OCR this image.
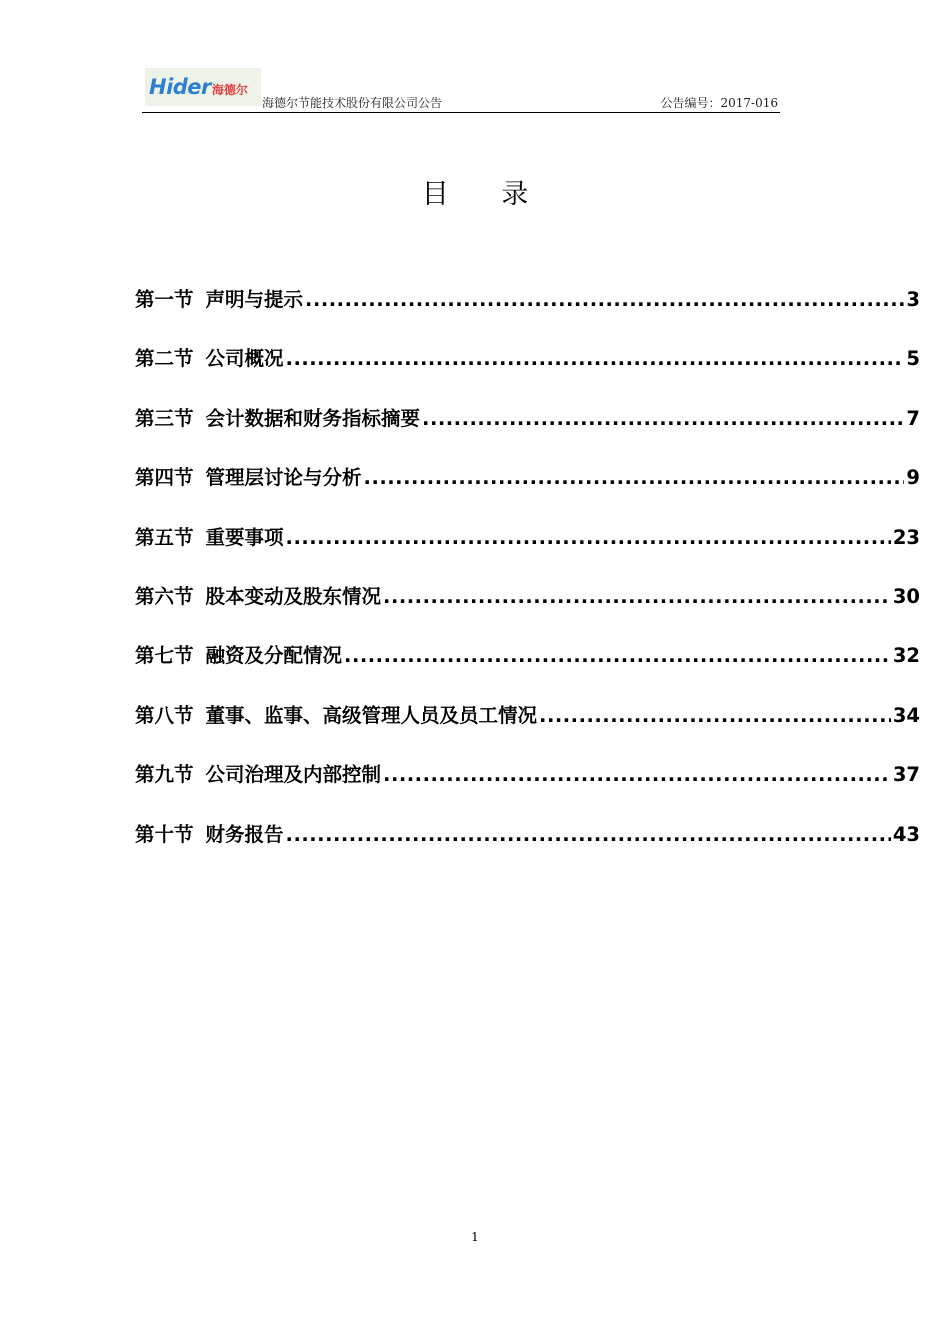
Hider 海德尔
海德尔节能技术股份有限公司公告	公告编号：2017-016
目 录
第一节 声明与提示 .....	3
第二节 公司概况 .....	5
第三节 会计数据和财务指标摘要 .....	7
第四节 管理层讨论与分析 .....	9
第五节 重要事项 .....	23
第六节 股本变动及股东情况 .....	30
第七节 融资及分配情况 .....	32
第八节 董事、监事、高级管理人员及员工情况 .....	34
第九节 公司治理及内部控制 .....	37
第十节 财务报告 .....	43
1
